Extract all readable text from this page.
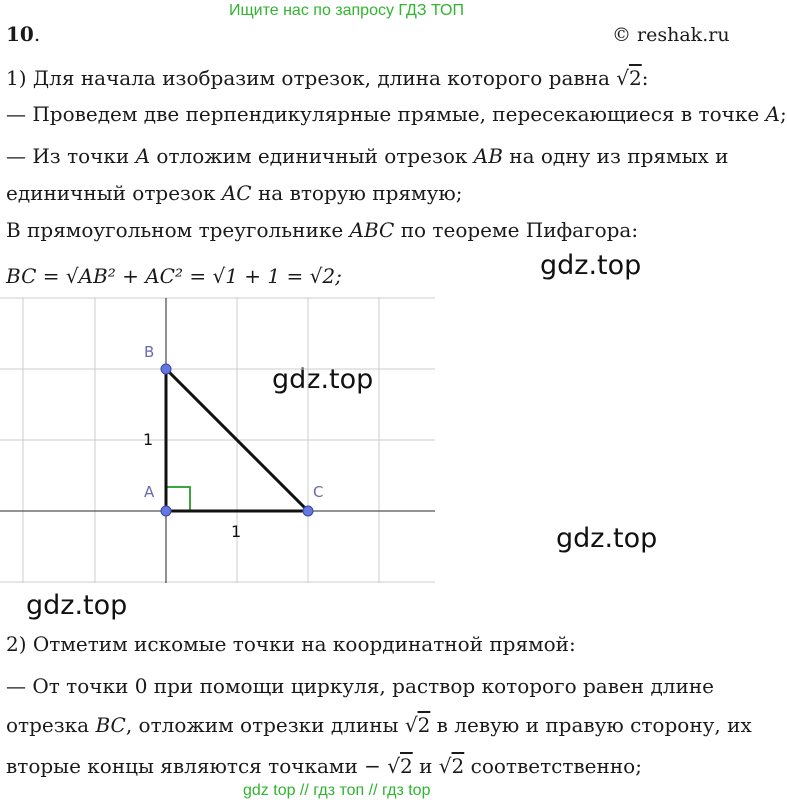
Ищите нас по запросу ГДЗ ТОП
10.	© reshak.ru
1) Для начала изобразим отрезок, длина которого равна √2:
— Проведем две перпендикулярные прямые, пересекающиеся в точке A;
— Из точки A отложим единичный отрезок AB на одну из прямых и
единичный отрезок AC на вторую прямую;
В прямоугольном треугольнике ABC по теореме Пифагора:
BC = √AB² + AC² = √1 + 1 = √2;	gdz.top
gdz.top
gdz.top
gdz.top
B
A	C
1
1
2) Отметим искомые точки на координатной прямой:
— От точки 0 при помощи циркуля, раствор которого равен длине
отрезка BC, отложим отрезки длины √2 в левую и правую сторону, их
вторые концы являются точками − √2 и √2 соответственно;
gdz top // гдз топ // гдз top
